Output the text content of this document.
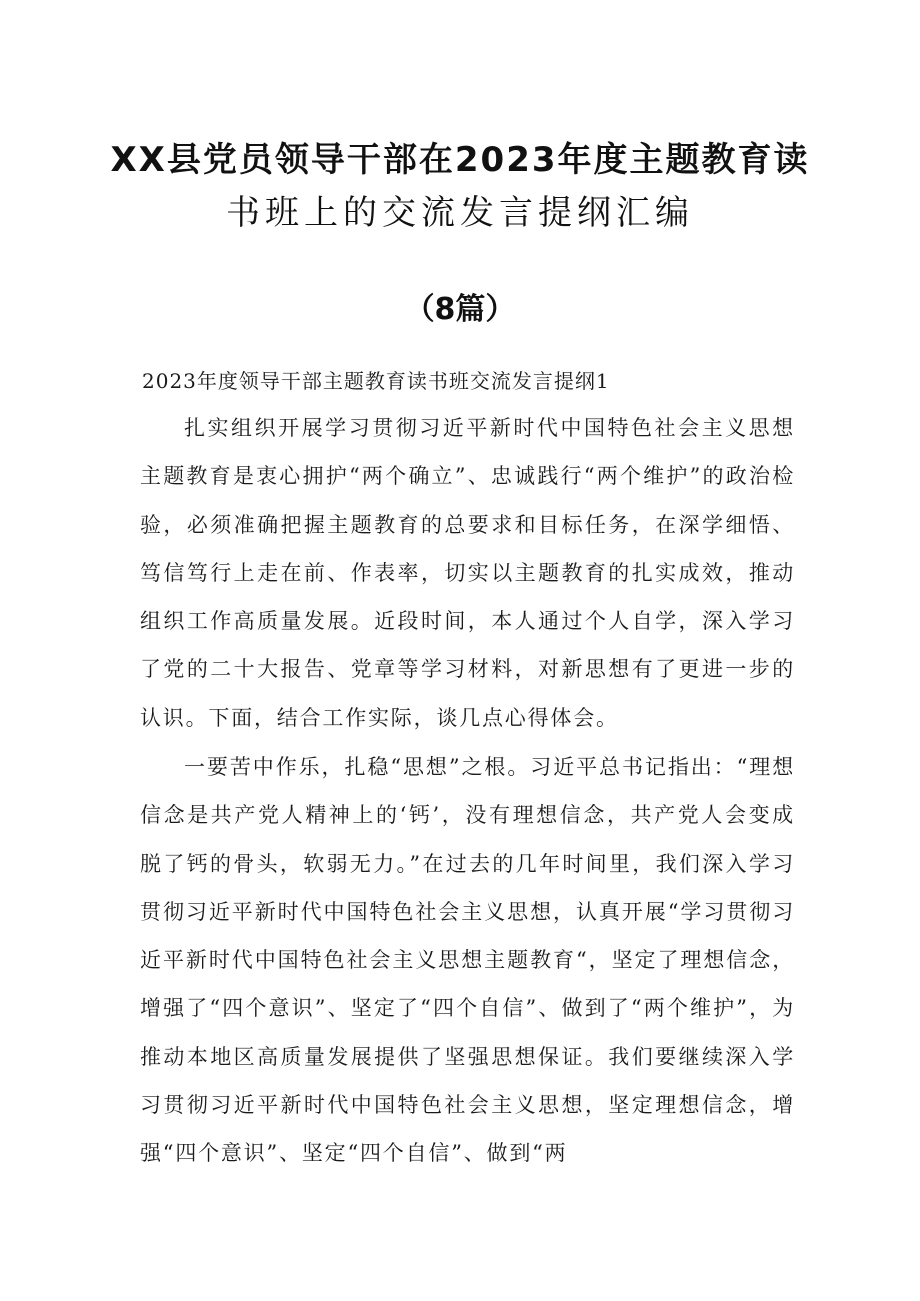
XX县党员领导干部在2023年度主题教育读
书班上的交流发言提纲汇编
（8篇）
2023年度领导干部主题教育读书班交流发言提纲1

扎实组织开展学习贯彻习近平新时代中国特色社会主义思想主题教育是衷心拥护“两个确立”、忠诚践行“两个维护”的政治检验，必须准确把握主题教育的总要求和目标任务，在深学细悟、笃信笃行上走在前、作表率，切实以主题教育的扎实成效，推动组织工作高质量发展。近段时间，本人通过个人自学，深入学习了党的二十大报告、党章等学习材料，对新思想有了更进一步的认识。下面，结合工作实际，谈几点心得体会。

一要苦中作乐，扎稳“思想”之根。习近平总书记指出：“理想信念是共产党人精神上的‘钙’，没有理想信念，共产党人会变成脱了钙的骨头，软弱无力。”在过去的几年时间里，我们深入学习贯彻习近平新时代中国特色社会主义思想，认真开展“学习贯彻习近平新时代中国特色社会主义思想主题教育“，坚定了理想信念，增强了“四个意识”、坚定了“四个自信”、做到了“两个维护”，为推动本地区高质量发展提供了坚强思想保证。我们要继续深入学习贯彻习近平新时代中国特色社会主义思想，坚定理想信念，增强“四个意识”、坚定“四个自信”、做到“两
